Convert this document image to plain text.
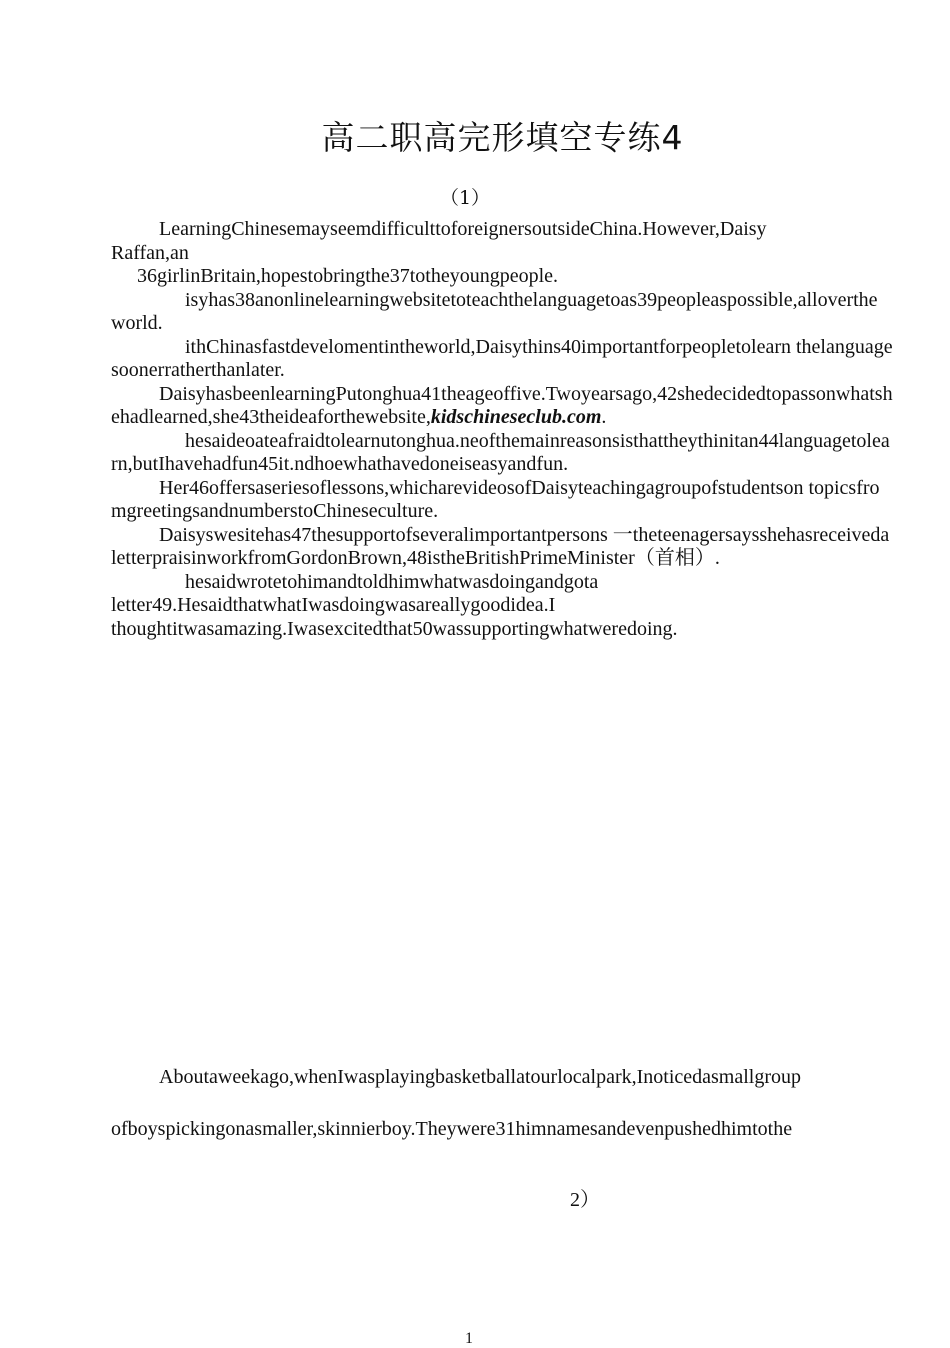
高二职高完形填空专练4
（1）

LearningChinesemayseemdifficulttoforeignersoutsideChina.However,Daisy

Raffan,an

36girlinBritain,hopestobringthe37totheyoungpeople.

isyhas38anonlinelearningwebsitetoteachthelanguagetoas39peopleaspossible,alloverthe world.

ithChinasfastdevelomentintheworld,Daisythins40importantforpeopletolearn thelanguagesoonerratherthanlater.

DaisyhasbeenlearningPutonghua41theageoffive.Twoyearsago,42shedecidedtopassonwhatshehadlearned,she43theideaforthewebsite,kidschineseclub.com.

hesaideoateafraidtolearnutonghua.neofthemainreasonsisthattheythinitan44languagetolearn,butIhavehadfun45it.ndhoewhathavedoneiseasyandfun.

Her46offersaseriesoflessons,whicharevideosofDaisyteachingagroupofstudentson topicsfromgreetingsandnumberstoChineseculture.

Daisyswesitehas47thesupportofseveralimportantpersons 一theteenagersaysshehasreceivedaletterpraisinworkfromGordonBrown,48istheBritishPrimeMinister（首相）.

hesaidwrotetohimandtoldhimwhatwasdoingandgota

letter49.HesaidthatwhatIwasdoingwasareallygoodidea.I

thoughtitwasamazing.Iwasexcitedthat50wassupportingwhatweredoing.

Aboutaweekago,whenIwasplayingbasketballatourlocalpark,Inoticedasmallgroup
ofboyspickingonasmaller,skinnierboy.Theywere31himnamesandevenpushedhimtothe
2）
1
